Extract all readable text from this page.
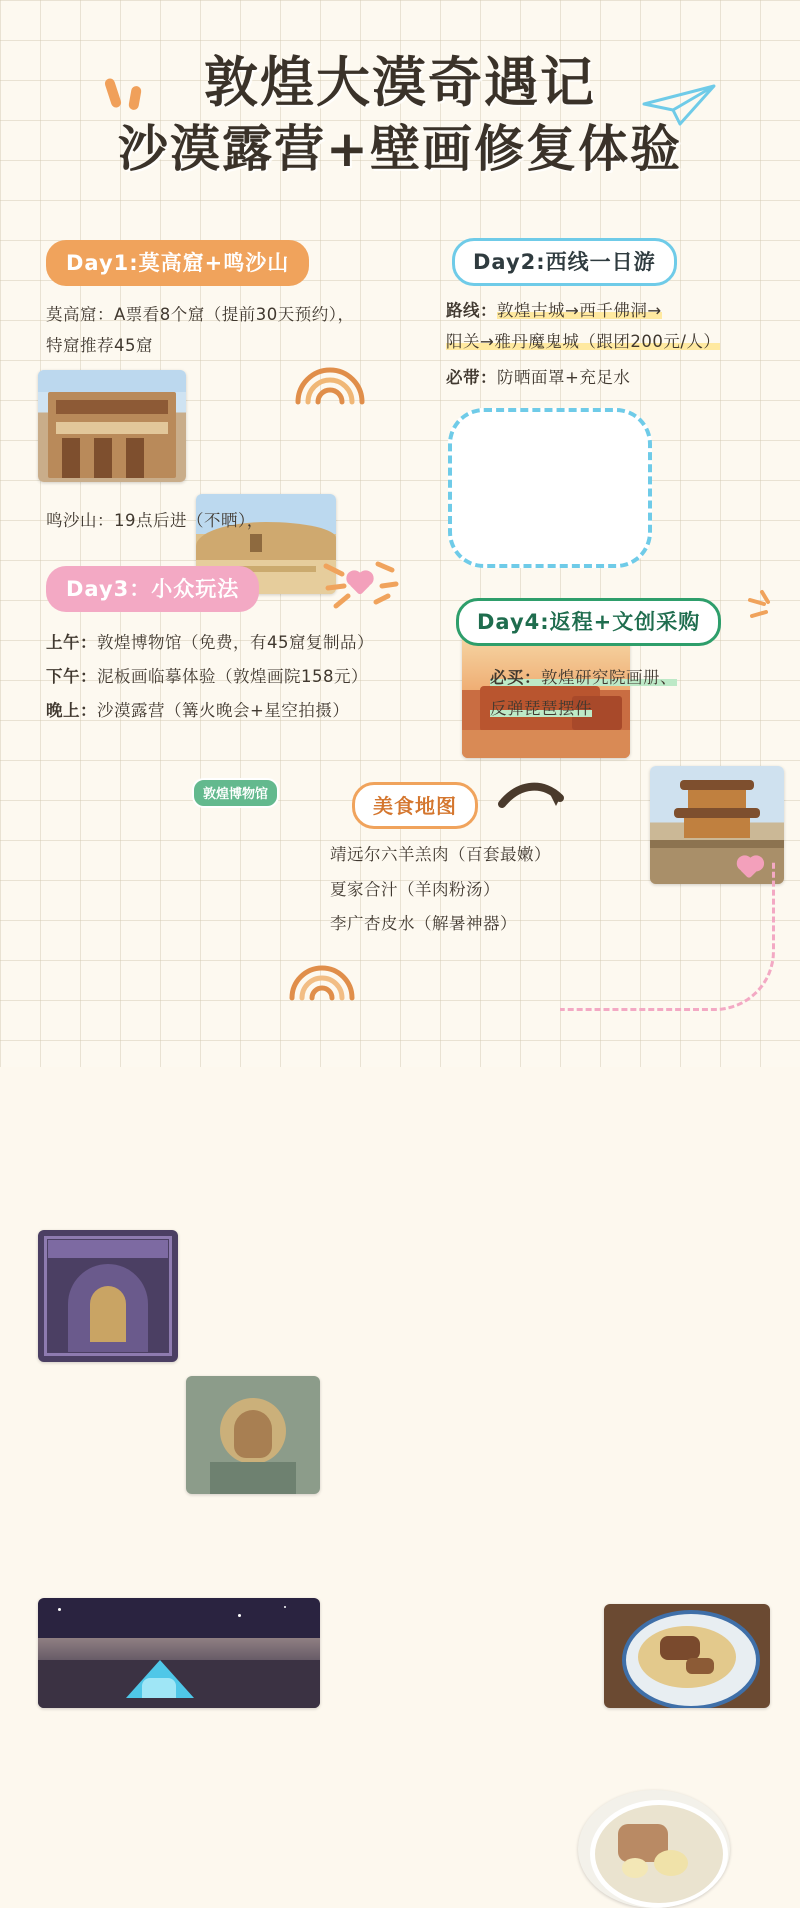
敦煌大漠奇遇记
沙漠露营+壁画修复体验
Day1:莫高窟+鸣沙山
莫高窟：A票看8个窟（提前30天预约），
特窟推荐45窟
鸣沙山：19点后进（不晒），
Day2:西线一日游
路线：敦煌古城→西千佛洞→
阳关→雅丹魔鬼城（跟团200元/人）
必带：防晒面罩+充足水
Day3：小众玩法
上午：敦煌博物馆（免费，有45窟复制品）
下午：泥板画临摹体验（敦煌画院158元）
晚上：沙漠露营（篝火晚会+星空拍摄）
Day4:返程+文创采购
必买：敦煌研究院画册、
反弹琵琶摆件
敦煌博物馆	美食地图
靖远尔六羊羔肉（百套最嫩）
夏家合汁（羊肉粉汤）
李广杏皮水（解暑神器）
